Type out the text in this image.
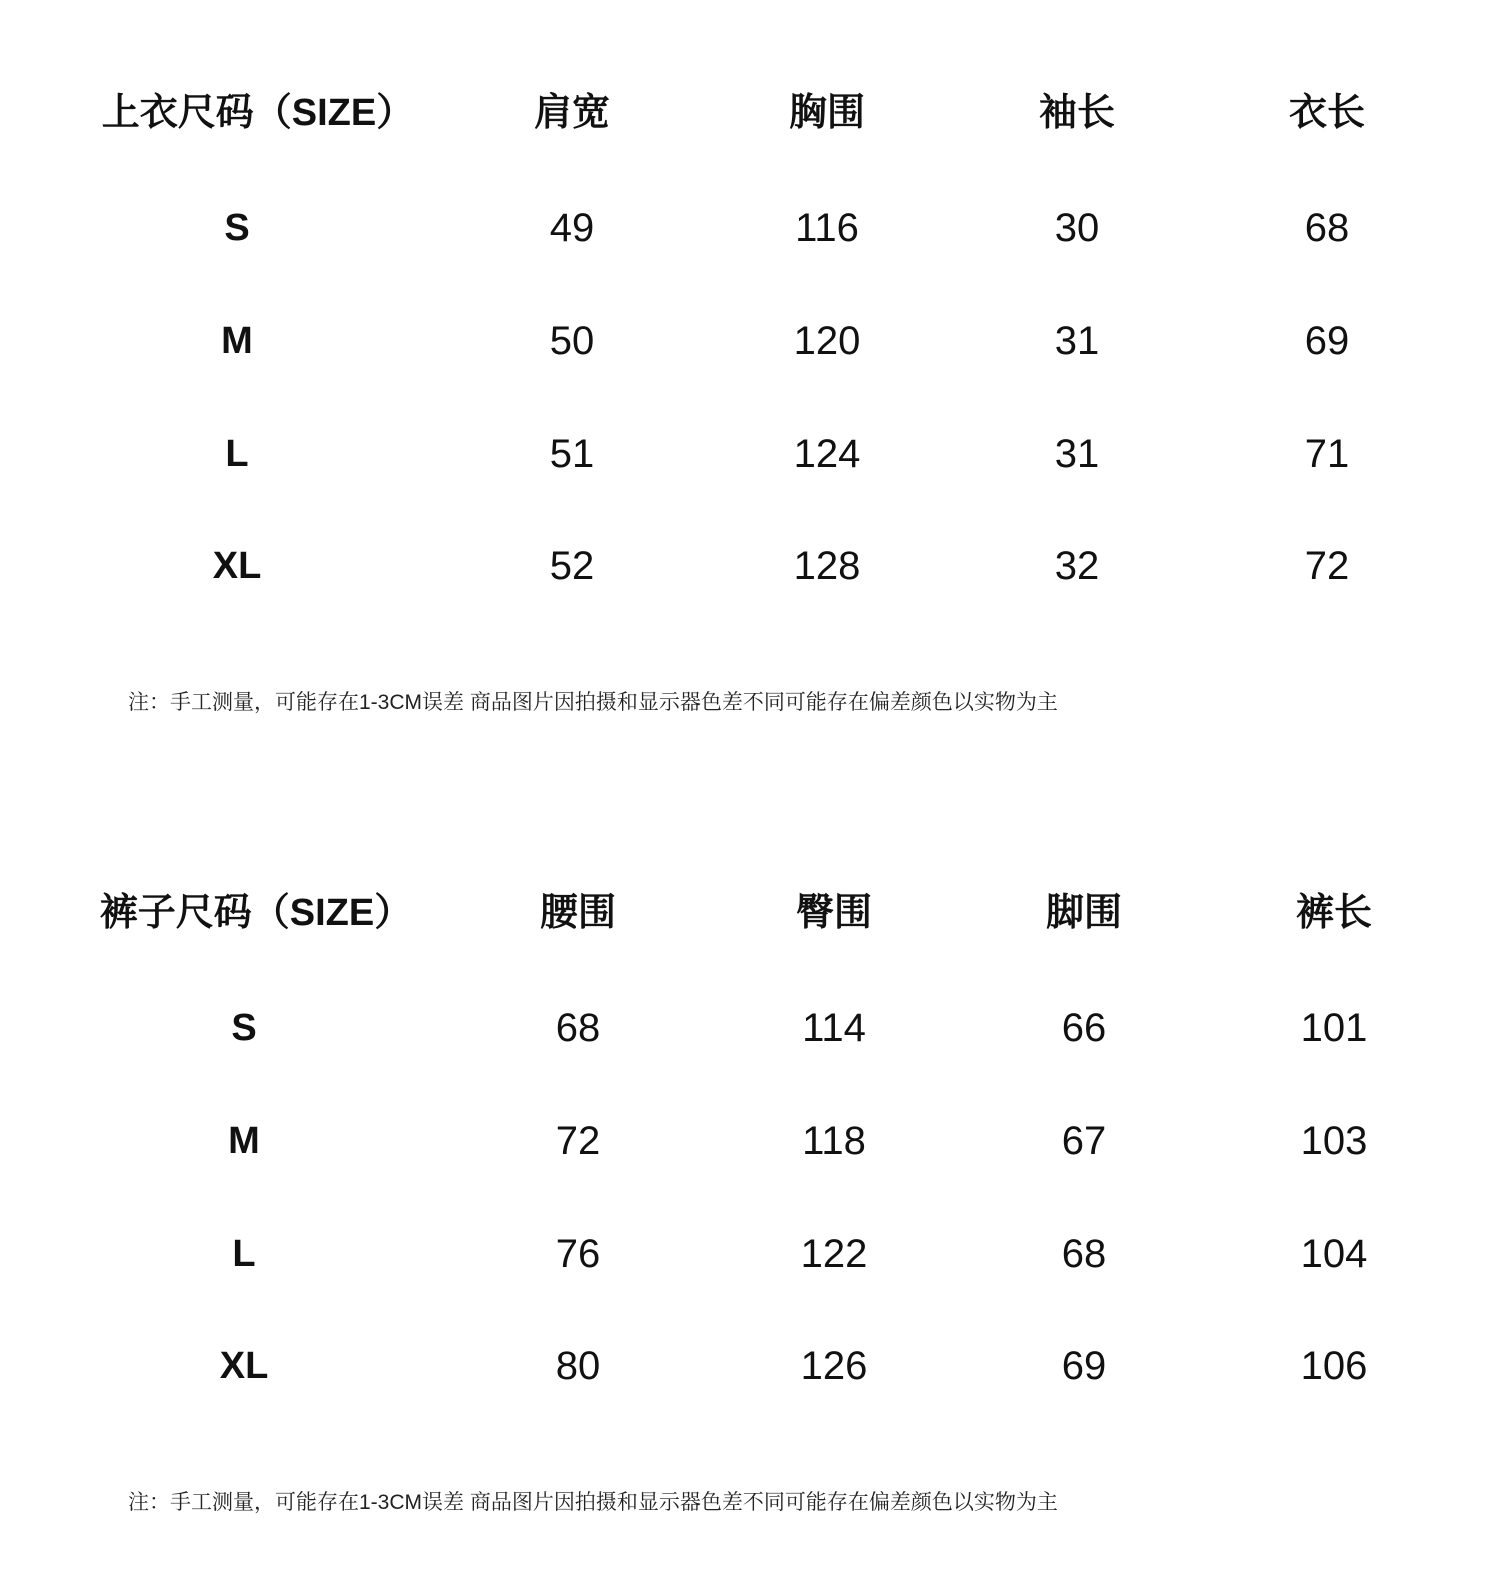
上衣尺码（SIZE）	肩宽	胸围	袖长	衣长
S	49	116	30	68
M	50	120	31	69
L	51	124	31	71
XL	52	128	32	72
注：手工测量，可能存在1-3CM误差 商品图片因拍摄和显示器色差不同可能存在偏差颜色以实物为主
裤子尺码（SIZE）	腰围	臀围	脚围	裤长
S	68	114	66	101
M	72	118	67	103
L	76	122	68	104
XL	80	126	69	106
注：手工测量，可能存在1-3CM误差 商品图片因拍摄和显示器色差不同可能存在偏差颜色以实物为主
